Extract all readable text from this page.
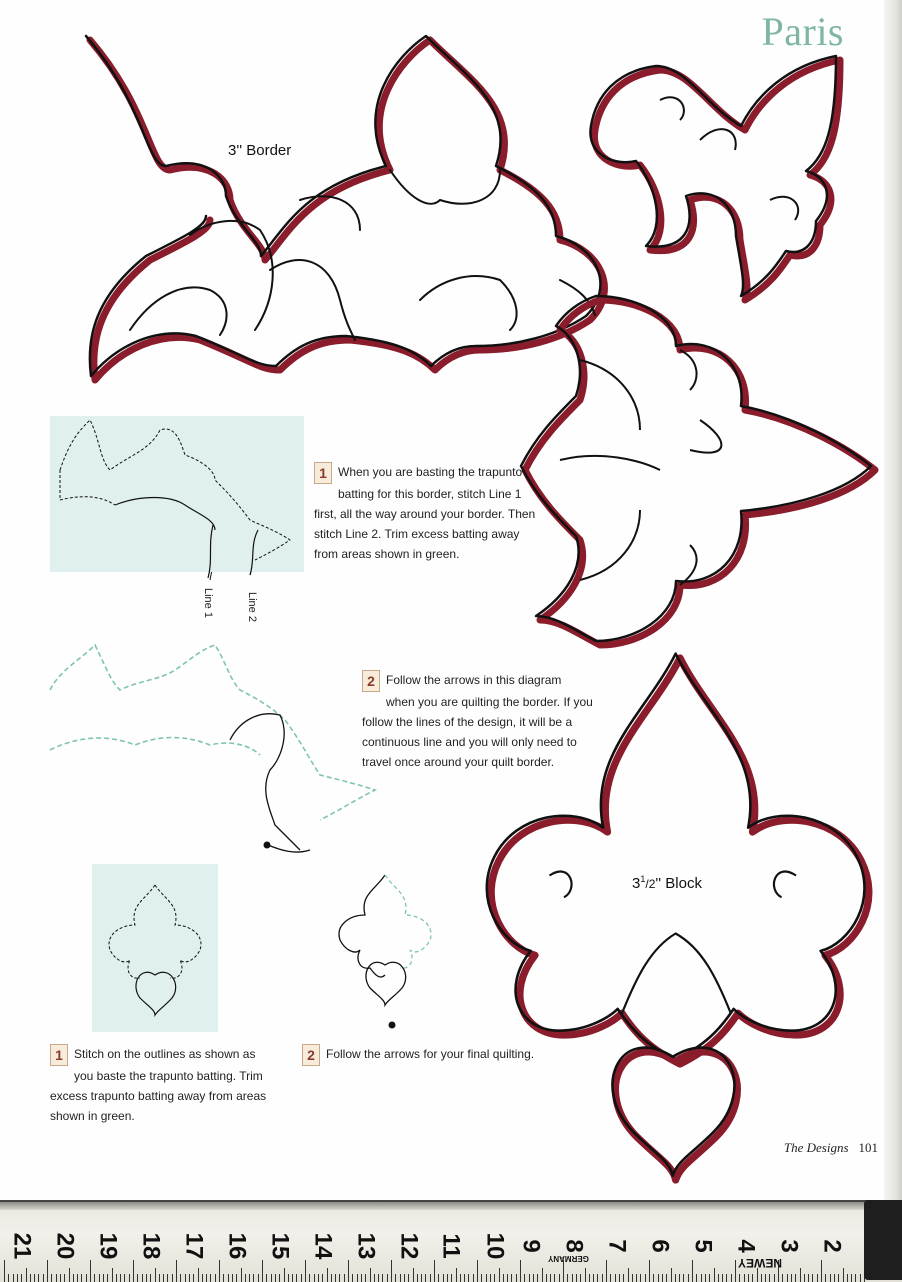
Paris
3'' Border
$3^1/2''$ Block
Line 1	Line 2
1 When you are basting the trapunto
batting for this border, stitch Line 1
first, all the way around your border. Then
stitch Line 2. Trim excess batting away
from areas shown in green.
2 Follow the arrows in this diagram
when you are quilting the border. If you
follow the lines of the design, it will be a
continuous line and you will only need to
travel once around your quilt border.
1 Stitch on the outlines as shown as
you baste the trapunto batting. Trim
excess trapunto batting away from areas
shown in green.
2 Follow the arrows for your final quilting.
The Designs 101
21 20 19 18 17 16 15 14 13 12 11 10 9 8 7 6 5 4 3 2
GERMANY	NEWEY
